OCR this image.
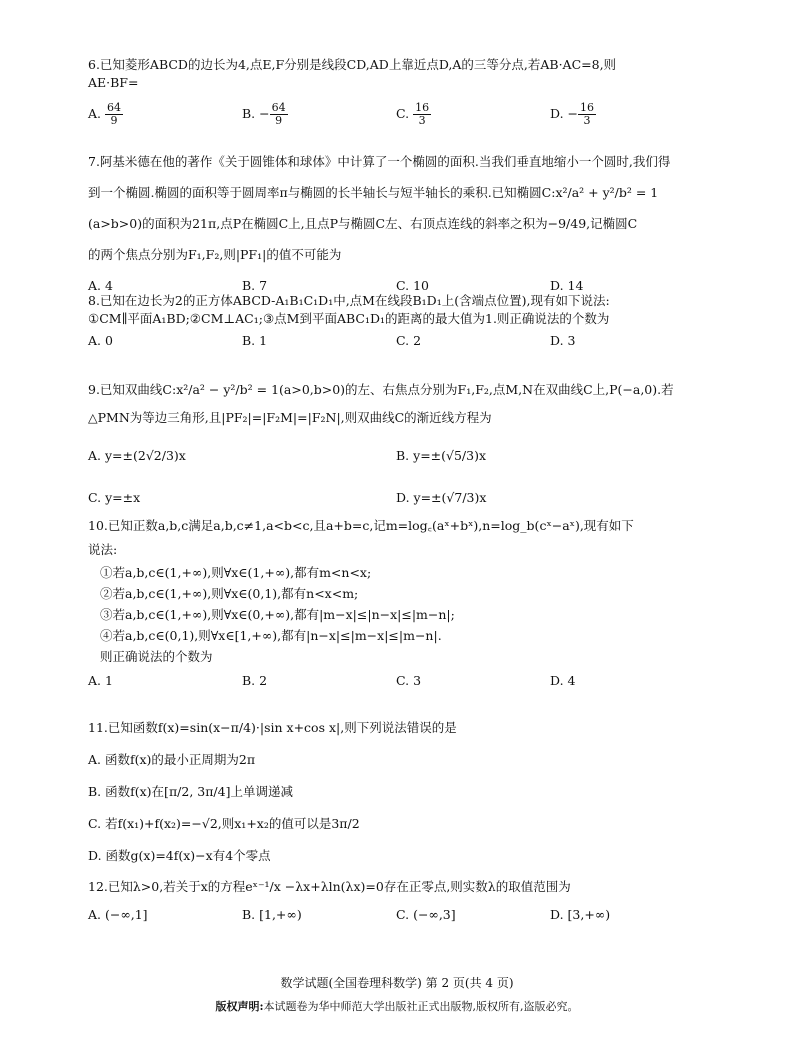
6.已知菱形ABCD的边长为4,点E,F分别是线段CD,AD上靠近点D,A的三等分点,若AB·AC=8,则
AE·BF=
A. $\frac{64}{9}$	B. − $\frac{64}{9}$	C. $\frac{16}{3}$	D. − $\frac{16}{3}$
7.阿基米德在他的著作《关于圆锥体和球体》中计算了一个椭圆的面积.当我们垂直地缩小一个圆时,我们得
到一个椭圆.椭圆的面积等于圆周率π与椭圆的长半轴长与短半轴长的乘积.已知椭圆C:x²/a² + y²/b² = 1
(a>b>0)的面积为21π,点P在椭圆C上,且点P与椭圆C左、右顶点连线的斜率之积为−9/49,记椭圆C
的两个焦点分别为F₁,F₂,则|PF₁|的值不可能为
A. 4	B. 7	C. 10	D. 14
8.已知在边长为2的正方体ABCD-A₁B₁C₁D₁中,点M在线段B₁D₁上(含端点位置),现有如下说法:
①CM∥平面A₁BD;②CM⊥AC₁;③点M到平面ABC₁D₁的距离的最大值为1.则正确说法的个数为
A. 0	B. 1	C. 2	D. 3
9.已知双曲线C:x²/a² − y²/b² = 1(a>0,b>0)的左、右焦点分别为F₁,F₂,点M,N在双曲线C上,P(−a,0).若
△PMN为等边三角形,且|PF₂|=|F₂M|=|F₂N|,则双曲线C的渐近线方程为
A. y=±(2√2/3)x	B. y=±(√5/3)x
C. y=±x	D. y=±(√7/3)x
10.已知正数a,b,c满足a,b,c≠1,a<b<c,且a+b=c,记m=log꜀(aˣ+bˣ),n=log_b(cˣ−aˣ),现有如下
说法:
①若a,b,c∈(1,+∞),则∀x∈(1,+∞),都有m<n<x;
②若a,b,c∈(1,+∞),则∀x∈(0,1),都有n<x<m;
③若a,b,c∈(1,+∞),则∀x∈(0,+∞),都有|m−x|≤|n−x|≤|m−n|;
④若a,b,c∈(0,1),则∀x∈[1,+∞),都有|n−x|≤|m−x|≤|m−n|.
则正确说法的个数为
A. 1	B. 2	C. 3	D. 4
11.已知函数f(x)=sin(x−π/4)·|sin x+cos x|,则下列说法错误的是
A. 函数f(x)的最小正周期为2π
B. 函数f(x)在[π/2, 3π/4]上单调递减
C. 若f(x₁)+f(x₂)=−√2,则x₁+x₂的值可以是3π/2
D. 函数g(x)=4f(x)−x有4个零点
12.已知λ>0,若关于x的方程eˣ⁻¹/x −λx+λln(λx)=0存在正零点,则实数λ的取值范围为
A. (−∞,1]	B. [1,+∞)	C. (−∞,3]	D. [3,+∞)
数学试题(全国卷理科数学) 第 2 页(共 4 页)
版权声明:本试题卷为华中师范大学出版社正式出版物,版权所有,盗版必究。
